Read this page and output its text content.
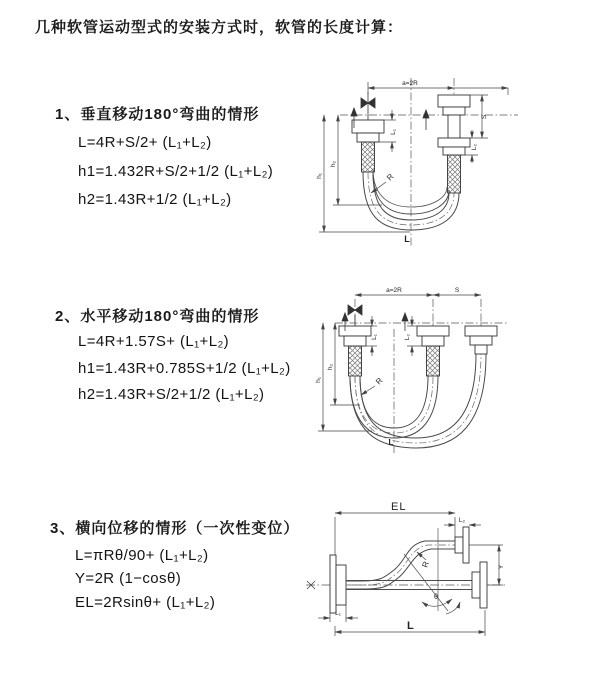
几种软管运动型式的安装方式时，软管的长度计算：
1、垂直移动180°弯曲的情形
L=4R+S/2+ (L₁+L₂)
h1=1.432R+S/2+1/2 (L₁+L₂)
h2=1.43R+1/2 (L₁+L₂)
2、水平移动180°弯曲的情形
L=4R+1.57S+ (L₁+L₂)
h1=1.43R+0.785S+1/2 (L₁+L₂)
h2=1.43R+S/2+1/2 (L₁+L₂)
3、横向位移的情形（一次性变位）
L=πRθ/90+ (L₁+L₂)
Y=2R (1−cosθ)
EL=2Rsinθ+ (L₁+L₂)
a=2R
h₁
h₂
L₁
S
L₂
R
L
a=2R	S
h₁
h₂
L₁	L₂
R
L
EL
L₂
Y
θ
R
L₁
L
